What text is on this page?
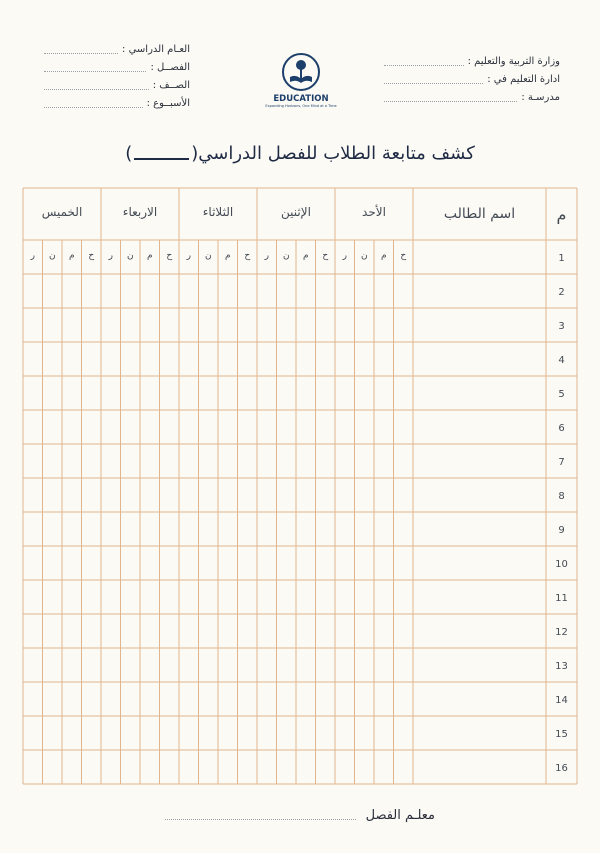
وزارة التربية والتعليم :
ادارة التعليم في :
مدرسـة :
العـام الدراسي :
الفصــل :
الصــف :
الأسبــوع :	EDUCATION
Expanding Horizons, One Mind at a Time
كشف متابعة الطلاب للفصل الدراسي()
م
اسم الطالب
الأحد
ح
م
ن
ر
الإثنين
ح
م
ن
ر
الثلاثاء
ح
م
ن
ر
الاربعاء
ح
م
ن
ر
الخميس
ح
م
ن
ر	1
2
3
4
5
6
7
8
9
10
11
12
13
14
15
16
معلـم الفصل
